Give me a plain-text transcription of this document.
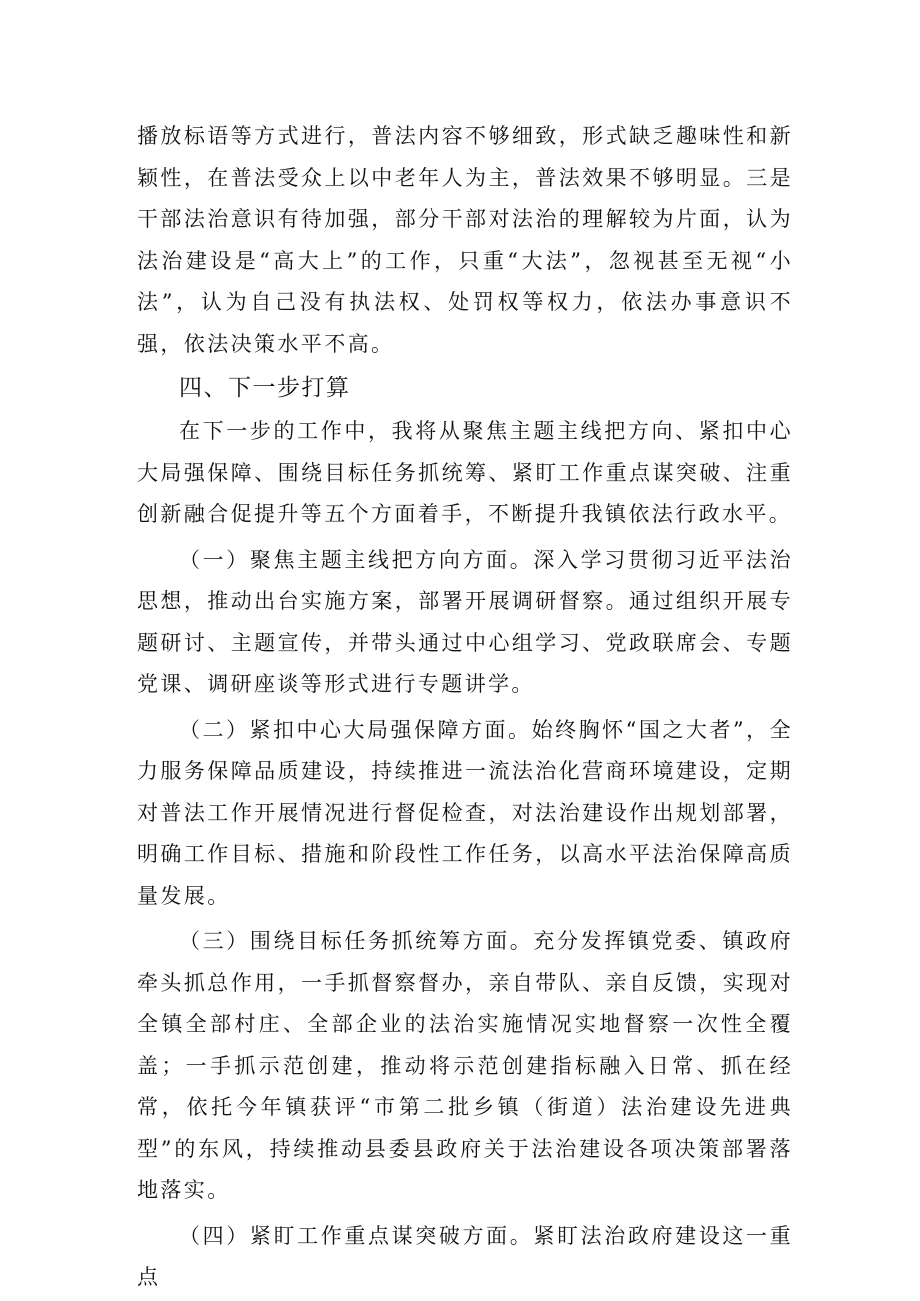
播放标语等方式进行，普法内容不够细致，形式缺乏趣味性和新颖性，在普法受众上以中老年人为主，普法效果不够明显。三是干部法治意识有待加强，部分干部对法治的理解较为片面，认为法治建设是“高大上”的工作，只重“大法”，忽视甚至无视“小法”，认为自己没有执法权、处罚权等权力，依法办事意识不强，依法决策水平不高。

四、下一步打算

在下一步的工作中，我将从聚焦主题主线把方向、紧扣中心大局强保障、围绕目标任务抓统筹、紧盯工作重点谋突破、注重创新融合促提升等五个方面着手，不断提升我镇依法行政水平。

（一）聚焦主题主线把方向方面。深入学习贯彻习近平法治思想，推动出台实施方案，部署开展调研督察。通过组织开展专题研讨、主题宣传，并带头通过中心组学习、党政联席会、专题党课、调研座谈等形式进行专题讲学。

（二）紧扣中心大局强保障方面。始终胸怀“国之大者”，全力服务保障品质建设，持续推进一流法治化营商环境建设，定期对普法工作开展情况进行督促检查，对法治建设作出规划部署，明确工作目标、措施和阶段性工作任务，以高水平法治保障高质量发展。

（三）围绕目标任务抓统筹方面。充分发挥镇党委、镇政府牵头抓总作用，一手抓督察督办，亲自带队、亲自反馈，实现对全镇全部村庄、全部企业的法治实施情况实地督察一次性全覆盖；一手抓示范创建，推动将示范创建指标融入日常、抓在经常，依托今年镇获评“市第二批乡镇（街道）法治建设先进典型”的东风，持续推动县委县政府关于法治建设各项决策部署落地落实。

（四）紧盯工作重点谋突破方面。紧盯法治政府建设这一重点
